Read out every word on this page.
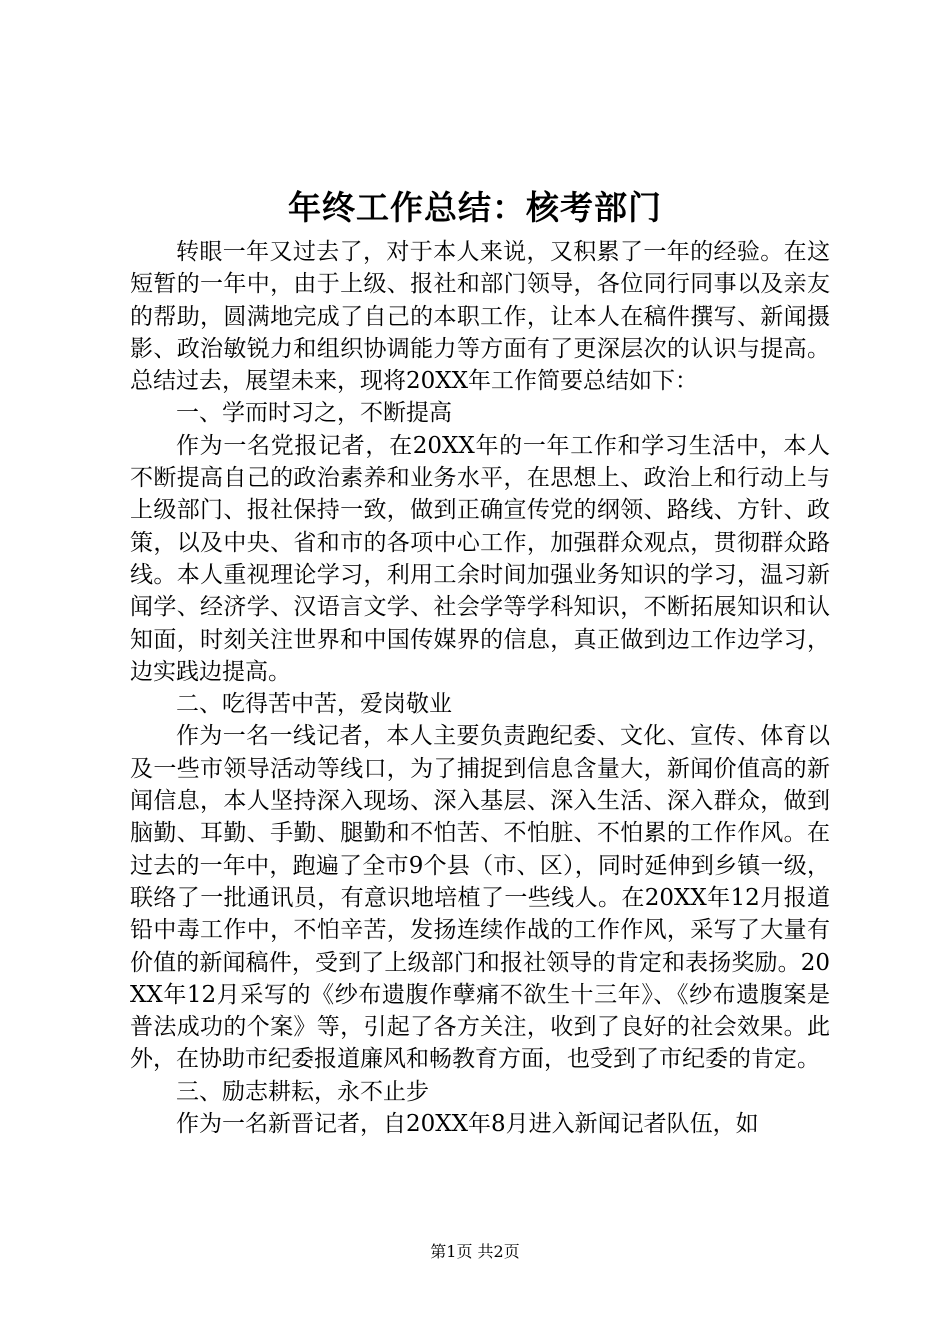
年终工作总结：核考部门

转眼一年又过去了，对于本人来说，又积累了一年的经验。在这短暂的一年中，由于上级、报社和部门领导，各位同行同事以及亲友的帮助，圆满地完成了自己的本职工作，让本人在稿件撰写、新闻摄影、政治敏锐力和组织协调能力等方面有了更深层次的认识与提高。总结过去，展望未来，现将20XX年工作简要总结如下：

一、学而时习之，不断提高

作为一名党报记者，在20XX年的一年工作和学习生活中，本人不断提高自己的政治素养和业务水平，在思想上、政治上和行动上与上级部门、报社保持一致，做到正确宣传党的纲领、路线、方针、政策，以及中央、省和市的各项中心工作，加强群众观点，贯彻群众路线。本人重视理论学习，利用工余时间加强业务知识的学习，温习新闻学、经济学、汉语言文学、社会学等学科知识，不断拓展知识和认知面，时刻关注世界和中国传媒界的信息，真正做到边工作边学习，边实践边提高。

二、吃得苦中苦，爱岗敬业

作为一名一线记者，本人主要负责跑纪委、文化、宣传、体育以及一些市领导活动等线口，为了捕捉到信息含量大，新闻价值高的新闻信息，本人坚持深入现场、深入基层、深入生活、深入群众，做到脑勤、耳勤、手勤、腿勤和不怕苦、不怕脏、不怕累的工作作风。在过去的一年中，跑遍了全市9个县（市、区），同时延伸到乡镇一级，联络了一批通讯员，有意识地培植了一些线人。在20XX年12月报道铅中毒工作中，不怕辛苦，发扬连续作战的工作作风，采写了大量有价值的新闻稿件，受到了上级部门和报社领导的肯定和表扬奖励。20XX年12月采写的《纱布遗腹作孽痛不欲生十三年》、《纱布遗腹案是普法成功的个案》等，引起了各方关注，收到了良好的社会效果。此外，在协助市纪委报道廉风和畅教育方面，也受到了市纪委的肯定。

三、励志耕耘，永不止步

作为一名新晋记者，自20XX年8月进入新闻记者队伍，如

第1页 共2页
